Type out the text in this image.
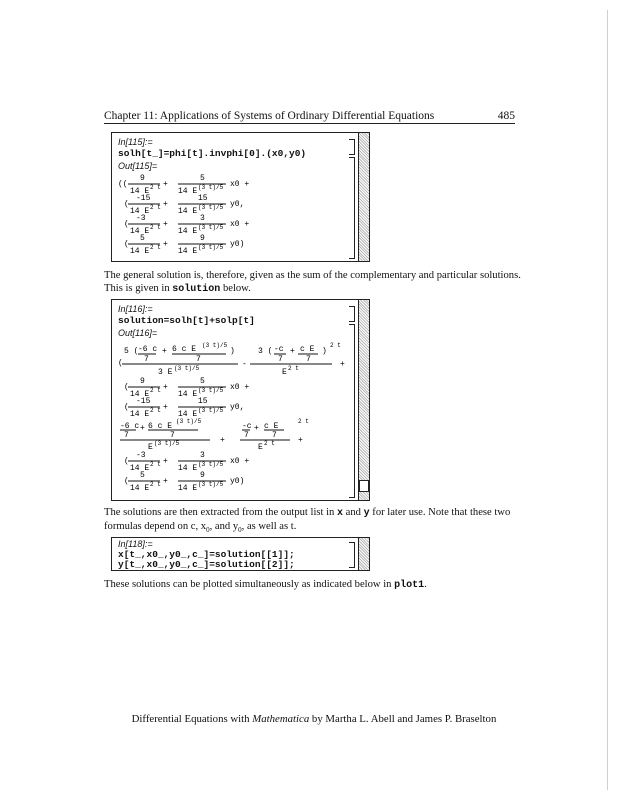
Chapter 11: Applications of Systems of Ordinary Differential Equations	485
In[115]:=
solh[t_]=phi[t].invphi[0].(x0,y0)
Out[115]=
9	5
((	+	x0 +
14 E 2 t 14 E (3 t)/5
-15	15
(	+	y0,
14 E 2 t 14 E (3 t)/5
-3	3
(	+	x0 +
14 E 2 t 14 E (3 t)/5
5	9
(	+	y0)
14 E 2 t 14 E (3 t)/5
The general solution is, therefore, given as the sum of the complementary and particular solutions. This is given in solution below.
In[116]:=
solution=solh[t]+solp[t]
Out[116]=
(3 t)/5	2 t
5 ( -6 c + 6 c E	)	3 ( -c + c E )
7	7	7	7
(	-	+
3 E (3 t)/5	E 2 t
9	5
(	+	x0 +
14 E 2 t 14 E (3 t)/5
-15	15
(	+	y0,
14 E 2 t 14 E (3 t)/5
(3 t)/5	2 t
-6 c + 6 c E	-c + c E
7	7	7	7
+	+
E (3 t)/5	E 2 t
-3	3
(	+	x0 +
14 E 2 t 14 E (3 t)/5
5	9
(	+	y0)
14 E 2 t 14 E (3 t)/5
The solutions are then extracted from the output list in x and y for later use. Note that these two formulas depend on c, $x_0$, and $y_0$, as well as t.
In[118]:=
x[t_,x0_,y0_,c_]=solution[[1]];
y[t_,x0_,y0_,c_]=solution[[2]];
These solutions can be plotted simultaneously as indicated below in plot1.
Differential Equations with Mathematica by Martha L. Abell and James P. Braselton
